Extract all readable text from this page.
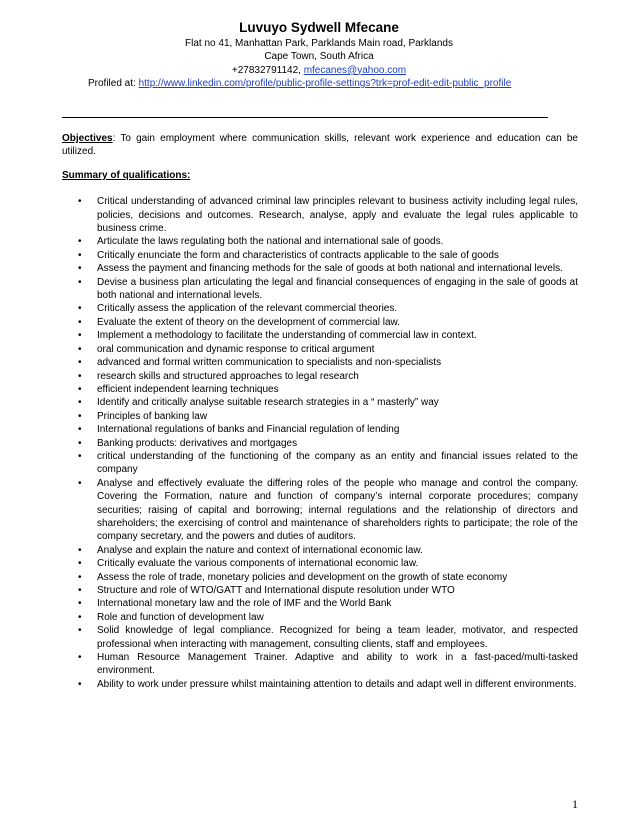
Luvuyo Sydwell Mfecane
Flat no 41, Manhattan Park, Parklands Main road, Parklands
Cape Town, South Africa
+27832791142, mfecanes@yahoo.com
Profiled at: http://www.linkedin.com/profile/public-profile-settings?trk=prof-edit-edit-public_profile

Objectives: To gain employment where communication skills, relevant work experience and education can be utilized.

Summary of qualifications:
• Critical understanding of advanced criminal law principles relevant to business activity including legal rules, policies, decisions and outcomes. Research, analyse, apply and evaluate the legal rules applicable to business crime.
• Articulate the laws regulating both the national and international sale of goods.
• Critically enunciate the form and characteristics of contracts applicable to the sale of goods
• Assess the payment and financing methods for the sale of goods at both national and international levels.
• Devise a business plan articulating the legal and financial consequences of engaging in the sale of goods at both national and international levels.
• Critically assess the application of the relevant commercial theories.
• Evaluate the extent of theory on the development of commercial law.
• Implement a methodology to facilitate the understanding of commercial law in context.
• oral communication and dynamic response to critical argument
• advanced and formal written communication to specialists and non-specialists
• research skills and structured approaches to legal research
• efficient independent learning techniques
• Identify and critically analyse suitable research strategies in a “ masterly” way
• Principles of banking law
• International regulations of banks and Financial regulation of lending
• Banking products: derivatives and mortgages
• critical understanding of the functioning of the company as an entity and financial issues related to the company
• Analyse and effectively evaluate the differing roles of the people who manage and control the company. Covering the Formation, nature and function of company’s internal corporate procedures; company securities; raising of capital and borrowing; internal regulations and the relationship of directors and shareholders; the exercising of control and maintenance of shareholders rights to participate; the role of the company secretary, and the powers and duties of auditors.
• Analyse and explain the nature and context of international economic law.
• Critically evaluate the various components of international economic law.
• Assess the role of trade, monetary policies and development on the growth of state economy
• Structure and role of WTO/GATT and International dispute resolution under WTO
• International monetary law and the role of IMF and the World Bank
• Role and function of development law
• Solid knowledge of legal compliance. Recognized for being a team leader, motivator, and respected professional when interacting with management, consulting clients, staff and employees.
• Human Resource Management Trainer. Adaptive and ability to work in a fast-paced/multi-tasked environment.
• Ability to work under pressure whilst maintaining attention to details and adapt well in different environments.
1
